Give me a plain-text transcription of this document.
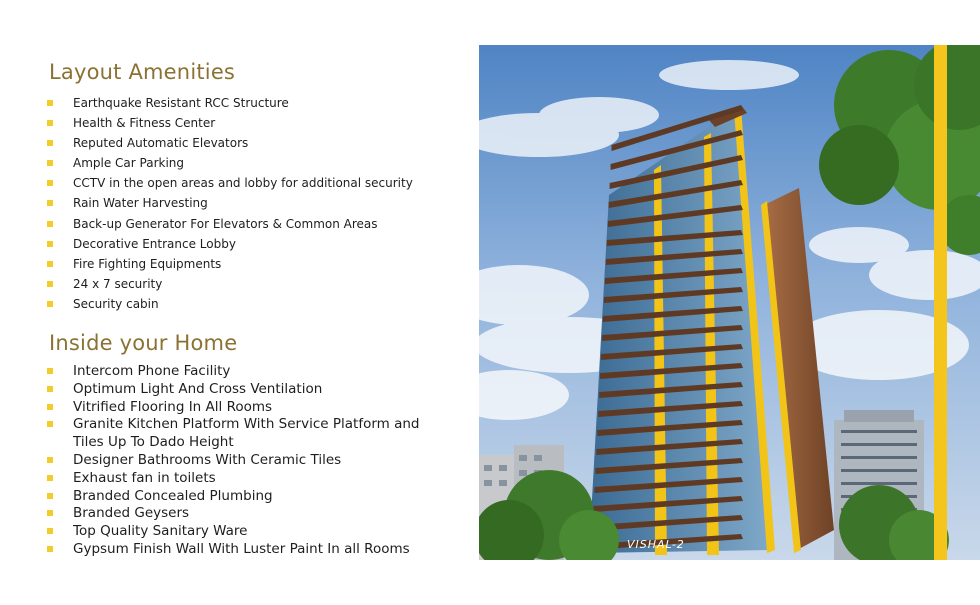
Layout Amenities
Earthquake Resistant RCC Structure
Health & Fitness Center
Reputed Automatic Elevators
Ample Car Parking
CCTV in the open areas and lobby for additional security
Rain Water Harvesting
Back-up Generator For Elevators & Common Areas
Decorative Entrance Lobby
Fire Fighting Equipments
24 x 7 security
Security cabin
Inside your Home
Intercom Phone Facility
Optimum Light And Cross Ventilation
Vitrified Flooring In All Rooms
Granite Kitchen Platform With Service Platform and Tiles Up To Dado Height
Designer Bathrooms With Ceramic Tiles
Exhaust fan in toilets
Branded Concealed Plumbing
Branded Geysers
Top Quality Sanitary Ware
Gypsum Finish Wall With Luster Paint In all Rooms	VISHAL-2
